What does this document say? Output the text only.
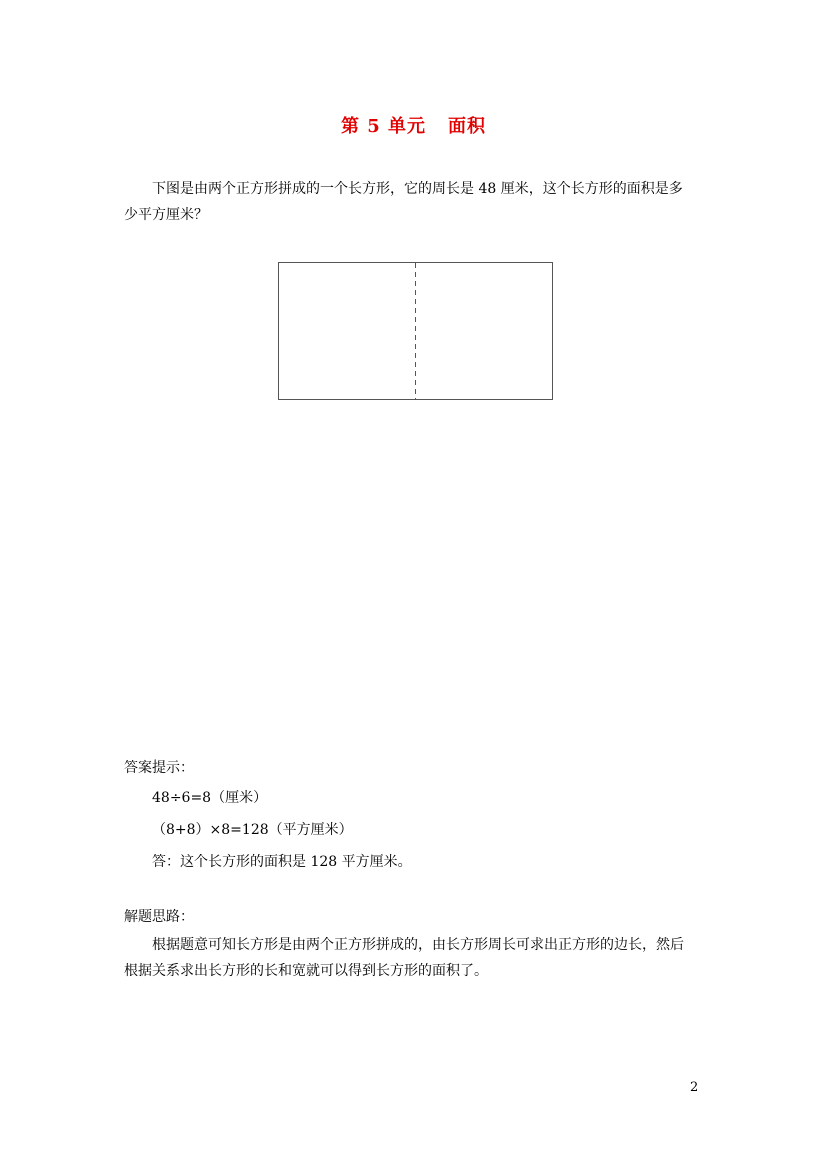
第 5 单元 面积
下图是由两个正方形拼成的一个长方形，它的周长是 48 厘米，这个长方形的面积是多
少平方厘米？
答案提示：
48÷6=8（厘米）
（8+8）×8=128（平方厘米）
答：这个长方形的面积是 128 平方厘米。
解题思路：
根据题意可知长方形是由两个正方形拼成的，由长方形周长可求出正方形的边长，然后
根据关系求出长方形的长和宽就可以得到长方形的面积了。
2
